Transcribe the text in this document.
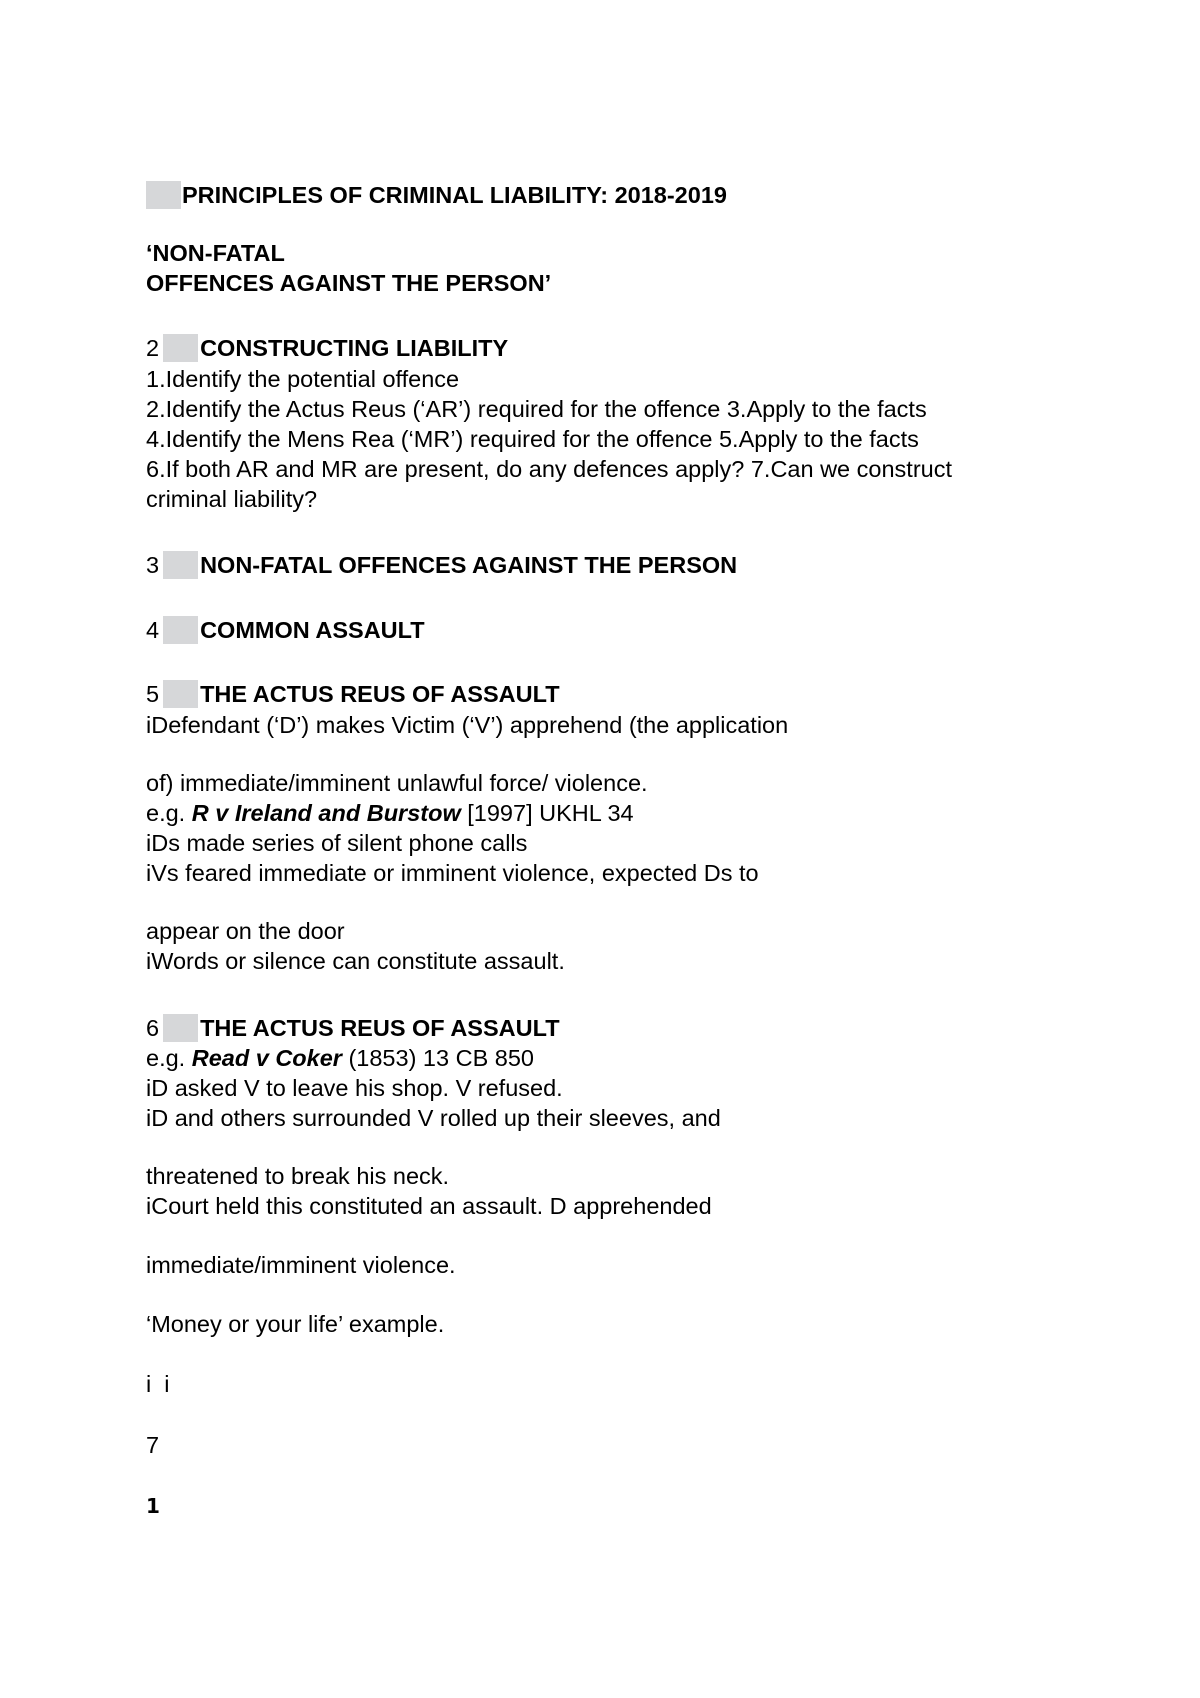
PRINCIPLES OF CRIMINAL LIABILITY: 2018-2019
‘NON-FATAL
OFFENCES AGAINST THE PERSON’
2 CONSTRUCTING LIABILITY
1.Identify the potential offence
2.Identify the Actus Reus (‘AR’) required for the offence 3.Apply to the facts
4.Identify the Mens Rea (‘MR’) required for the offence 5.Apply to the facts
6.If both AR and MR are present, do any defences apply? 7.Can we construct
criminal liability?
3 NON-FATAL OFFENCES AGAINST THE PERSON
4 COMMON ASSAULT
5 THE ACTUS REUS OF ASSAULT
iDefendant (‘D’) makes Victim (‘V’) apprehend (the application
of) immediate/imminent unlawful force/ violence.
e.g. R v Ireland and Burstow [1997] UKHL 34
iDs made series of silent phone calls
iVs feared immediate or imminent violence, expected Ds to
appear on the door
iWords or silence can constitute assault.
6 THE ACTUS REUS OF ASSAULT
e.g. Read v Coker (1853) 13 CB 850
iD asked V to leave his shop. V refused.
iD and others surrounded V rolled up their sleeves, and
threatened to break his neck.
iCourt held this constituted an assault. D apprehended
immediate/imminent violence.
‘Money or your life’ example.
i  i
7
1
